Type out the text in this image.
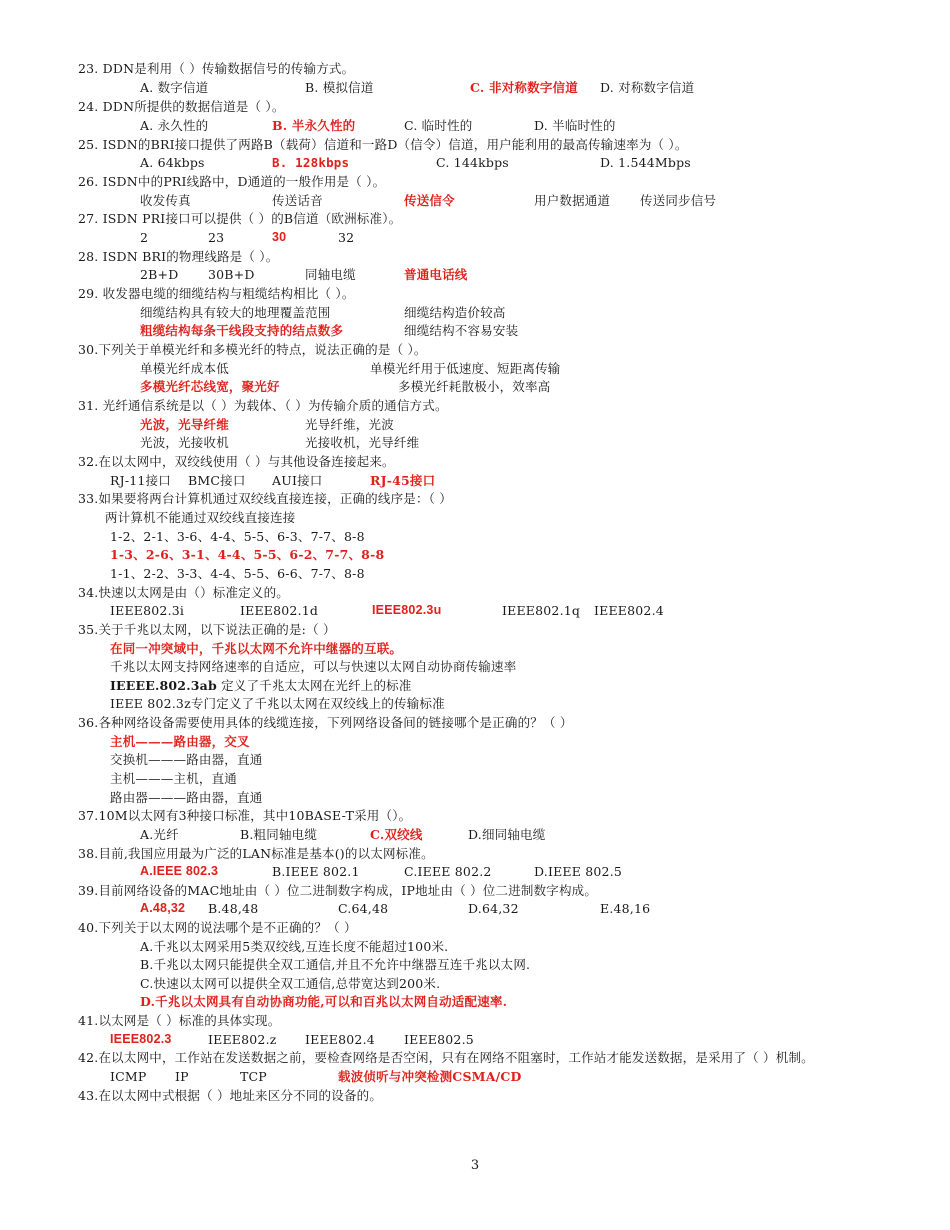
23. DDN是利用（ ）传输数据信号的传输方式。
A. 数字信道	B. 模拟信道	C. 非对称数字信道 D. 对称数字信道
24. DDN所提供的数据信道是（ ）。
A. 永久性的	B. 半永久性的	C. 临时性的	D. 半临时性的
25. ISDN的BRI接口提供了两路B（载荷）信道和一路D（信令）信道，用户能利用的最高传输速率为（ ）。
A. 64kbps	B. 128kbps	C. 144kbps	D. 1.544Mbps
26. ISDN中的PRI线路中，D通道的一般作用是（ ）。
收发传真	传送话音	传送信令	用户数据通道 传送同步信号
27. ISDN PRI接口可以提供（ ）的B信道（欧洲标准）。
2	23	30	32
28. ISDN BRI的物理线路是（ ）。
2B+D 30B+D	同轴电缆	普通电话线
29. 收发器电缆的细缆结构与粗缆结构相比（ ）。
细缆结构具有较大的地理覆盖范围	细缆结构造价较高
粗缆结构每条干线段支持的结点数多	细缆结构不容易安装
30.下列关于单模光纤和多模光纤的特点，说法正确的是（ ）。
单模光纤成本低	单模光纤用于低速度、短距离传输
多模光纤芯线宽，聚光好	多模光纤耗散极小，效率高
31. 光纤通信系统是以（ ）为载体、（ ）为传输介质的通信方式。
光波，光导纤维	光导纤维，光波
光波，光接收机	光接收机，光导纤维
32.在以太网中，双绞线使用（ ）与其他设备连接起来。
RJ-11接口 BMC接口 AUI接口	RJ-45接口
33.如果要将两台计算机通过双绞线直接连接，正确的线序是：（ ）
两计算机不能通过双绞线直接连接
1-2、2-1、3-6、4-4、5-5、6-3、7-7、8-8
1-3、2-6、3-1、4-4、5-5、6-2、7-7、8-8
1-1、2-2、3-3、4-4、5-5、6-6、7-7、8-8
34.快速以太网是由（）标准定义的。
IEEE802.3i	IEEE802.1d	IEEE802.3u	IEEE802.1q IEEE802.4
35.关于千兆以太网，以下说法正确的是:（ ）
在同一冲突域中，千兆以太网不允许中继器的互联。
千兆以太网支持网络速率的自适应，可以与快速以太网自动协商传输速率
IEEEE.802.3ab 定义了千兆太太网在光纤上的标准
IEEE 802.3z专门定义了千兆以太网在双绞线上的传输标准
36.各种网络设备需要使用具体的线缆连接，下列网络设备间的链接哪个是正确的？（ ）
主机———路由器，交叉
交换机———路由器，直通
主机———主机，直通
路由器———路由器，直通
37.10M以太网有3种接口标准，其中10BASE-T采用（）。
A.光纤	B.粗同轴电缆	C.双绞线	D.细同轴电缆
38.目前,我国应用最为广泛的LAN标准是基本()的以太网标准。
A.IEEE 802.3	B.IEEE 802.1	C.IEEE 802.2	D.IEEE 802.5
39.目前网络设备的MAC地址由（ ）位二进制数字构成，IP地址由（ ）位二进制数字构成。
A.48,32 B.48,48	C.64,48	D.64,32	E.48,16
40.下列关于以太网的说法哪个是不正确的？（ ）
A.千兆以太网采用5类双绞线,互连长度不能超过100米.
B.千兆以太网只能提供全双工通信,并且不允许中继器互连千兆以太网.
C.快速以太网可以提供全双工通信,总带宽达到200米.
D.千兆以太网具有自动协商功能,可以和百兆以太网自动适配速率.
41.以太网是（ ）标准的具体实现。
IEEE802.3	IEEE802.z IEEE802.4 IEEE802.5
42.在以太网中，工作站在发送数据之前，要检查网络是否空闲，只有在网络不阻塞时，工作站才能发送数据，是采用了（ ）机制。
ICMP IP	TCP	载波侦听与冲突检测CSMA/CD
43.在以太网中式根据（ ）地址来区分不同的设备的。
3
